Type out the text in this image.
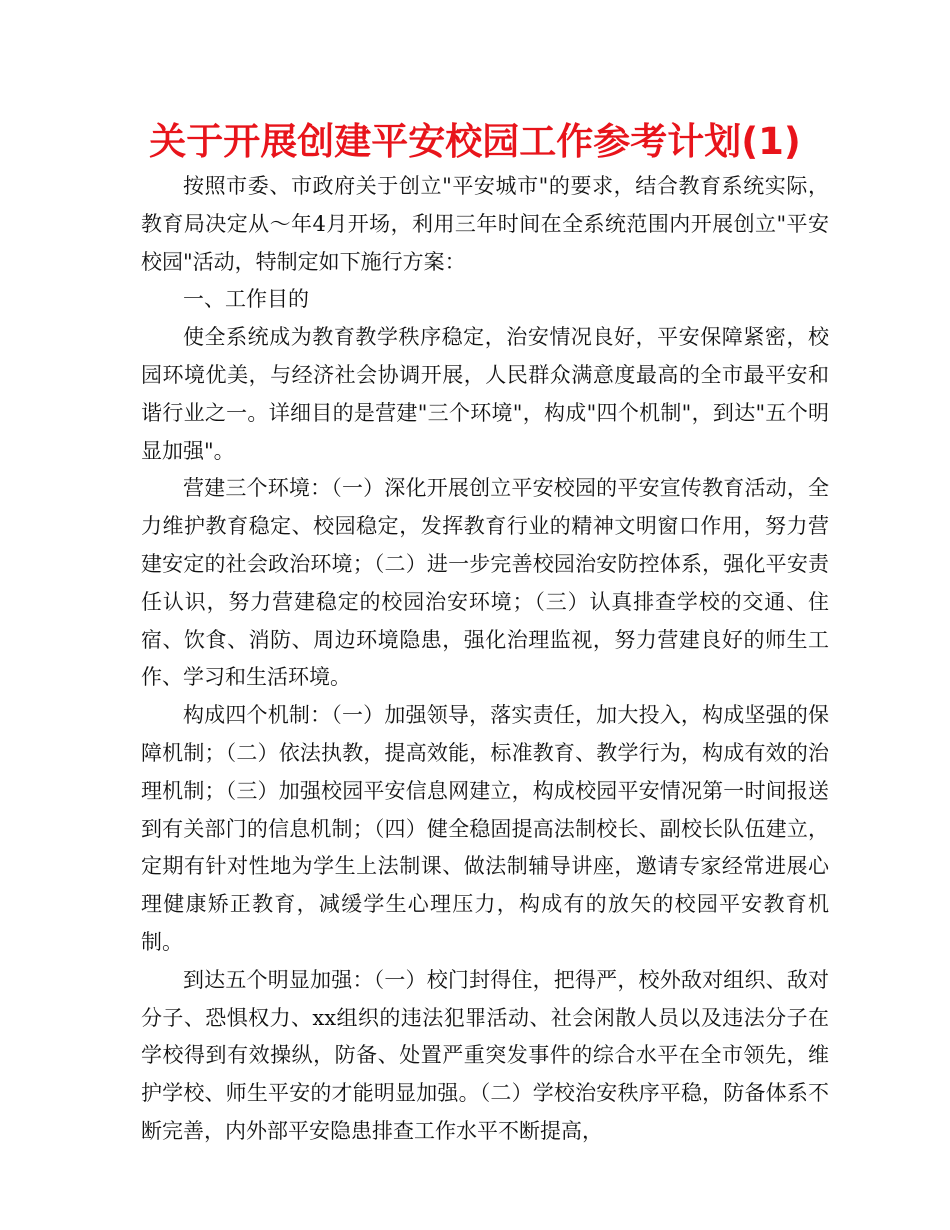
关于开展创建平安校园工作参考计划(1)

按照市委、市政府关于创立"平安城市"的要求，结合教育系统实际，教育局决定从～年4月开场，利用三年时间在全系统范围内开展创立"平安校园"活动，特制定如下施行方案：

一、工作目的

使全系统成为教育教学秩序稳定，治安情况良好，平安保障紧密，校园环境优美，与经济社会协调开展，人民群众满意度最高的全市最平安和谐行业之一。详细目的是营建"三个环境"，构成"四个机制"，到达"五个明显加强"。

营建三个环境：（一）深化开展创立平安校园的平安宣传教育活动，全力维护教育稳定、校园稳定，发挥教育行业的精神文明窗口作用，努力营建安定的社会政治环境；（二）进一步完善校园治安防控体系，强化平安责任认识，努力营建稳定的校园治安环境；（三）认真排查学校的交通、住宿、饮食、消防、周边环境隐患，强化治理监视，努力营建良好的师生工作、学习和生活环境。

构成四个机制：（一）加强领导，落实责任，加大投入，构成坚强的保障机制；（二）依法执教，提高效能，标准教育、教学行为，构成有效的治理机制；（三）加强校园平安信息网建立，构成校园平安情况第一时间报送到有关部门的信息机制；（四）健全稳固提高法制校长、副校长队伍建立，定期有针对性地为学生上法制课、做法制辅导讲座，邀请专家经常进展心理健康矫正教育，减缓学生心理压力，构成有的放矢的校园平安教育机制。

到达五个明显加强：（一）校门封得住，把得严，校外敌对组织、敌对分子、恐惧权力、xx组织的违法犯罪活动、社会闲散人员以及违法分子在学校得到有效操纵，防备、处置严重突发事件的综合水平在全市领先，维护学校、师生平安的才能明显加强。（二）学校治安秩序平稳，防备体系不断完善，内外部平安隐患排查工作水平不断提高，
